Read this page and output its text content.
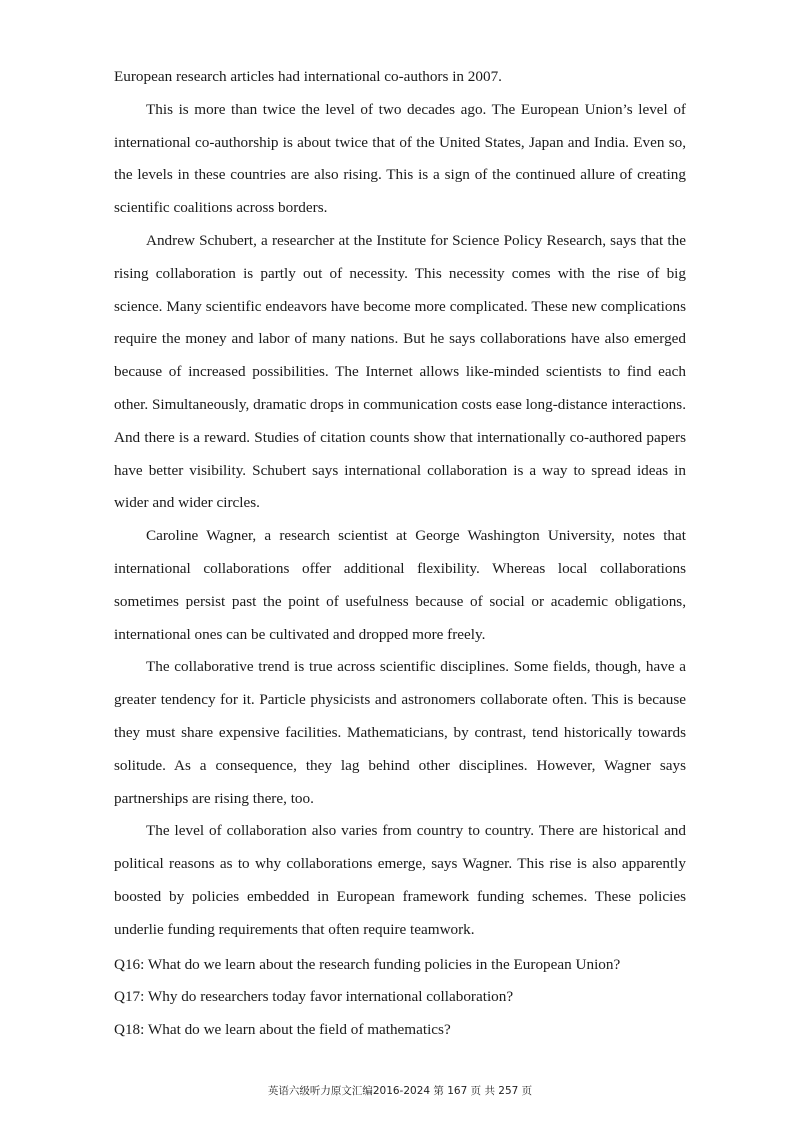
European research articles had international co-authors in 2007.

This is more than twice the level of two decades ago. The European Union’s level of international co-authorship is about twice that of the United States, Japan and India. Even so, the levels in these countries are also rising. This is a sign of the continued allure of creating scientific coalitions across borders.

Andrew Schubert, a researcher at the Institute for Science Policy Research, says that the rising collaboration is partly out of necessity. This necessity comes with the rise of big science. Many scientific endeavors have become more complicated. These new complications require the money and labor of many nations. But he says collaborations have also emerged because of increased possibilities. The Internet allows like-minded scientists to find each other. Simultaneously, dramatic drops in communication costs ease long-distance interactions. And there is a reward. Studies of citation counts show that internationally co-authored papers have better visibility. Schubert says international collaboration is a way to spread ideas in wider and wider circles.

Caroline Wagner, a research scientist at George Washington University, notes that international collaborations offer additional flexibility. Whereas local collaborations sometimes persist past the point of usefulness because of social or academic obligations, international ones can be cultivated and dropped more freely.

The collaborative trend is true across scientific disciplines. Some fields, though, have a greater tendency for it. Particle physicists and astronomers collaborate often. This is because they must share expensive facilities. Mathematicians, by contrast, tend historically towards solitude. As a consequence, they lag behind other disciplines. However, Wagner says partnerships are rising there, too.

The level of collaboration also varies from country to country. There are historical and political reasons as to why collaborations emerge, says Wagner. This rise is also apparently boosted by policies embedded in European framework funding schemes. These policies underlie funding requirements that often require teamwork.

Q16: What do we learn about the research funding policies in the European Union?

Q17: Why do researchers today favor international collaboration?

Q18: What do we learn about the field of mathematics?

英语六级听力原文汇编2016-2024 第 167 页 共 257 页
